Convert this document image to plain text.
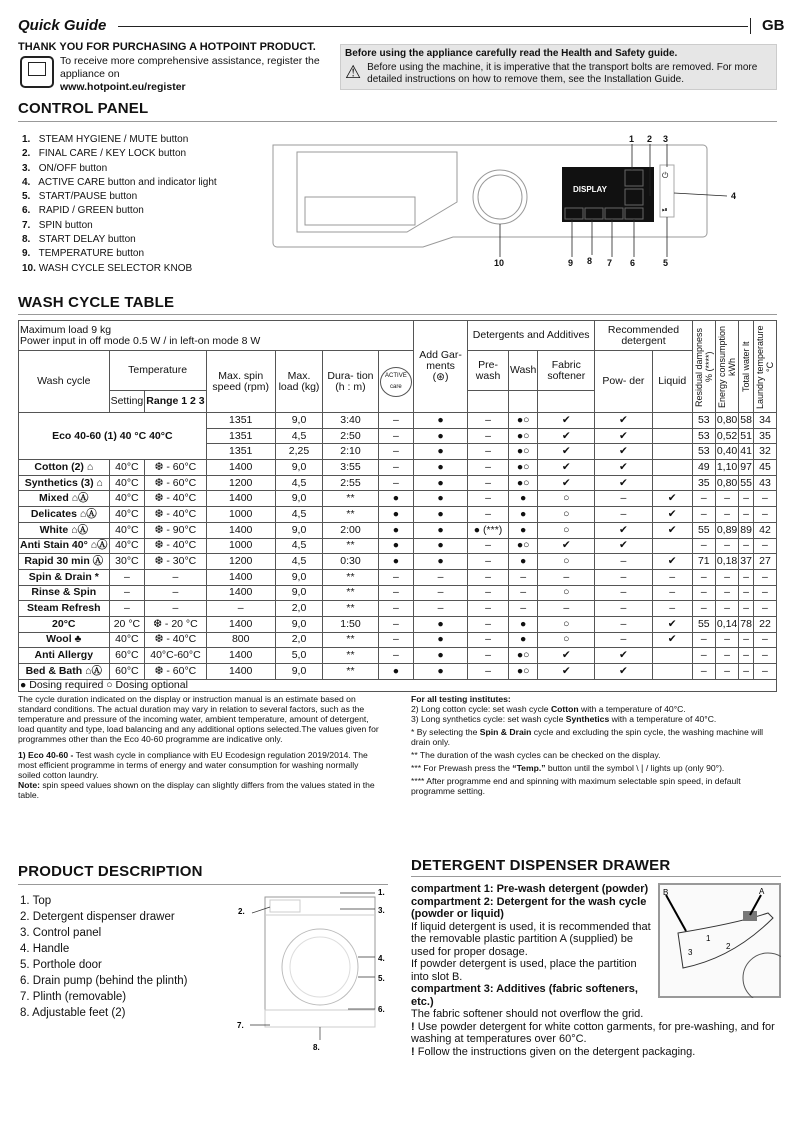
Quick Guide	GB
THANK YOU FOR PURCHASING A HOTPOINT PRODUCT.
To receive more comprehensive assistance, register the appliance on
www.hotpoint.eu/register
Before using the appliance carefully read the Health and Safety guide.
⚠ Before using the machine, it is imperative that the transport bolts are removed. For more detailed instructions on how to remove them, see the Installation Guide.
CONTROL PANEL
1. STEAM HYGIENE / MUTE button
2. FINAL CARE / KEY LOCK button
3. ON/OFF button
4. ACTIVE CARE button and indicator light
5. START/PAUSE button
6. RAPID / GREEN button
7. SPIN button
8. START DELAY button
9. TEMPERATURE button
10. WASH CYCLE SELECTOR KNOB
DISPLAY
⏻
⏯
1 2 3
4
5
6
7
8
9
10
WASH CYCLE TABLE
Maximum load 9 kg
Power input in off mode 0.5 W / in left-on mode 8 W							Add Gar- ments
(⊛)	Detergents and Additives			Recommended detergent		Residual dampness % (****)	Energy consumption kWh	Total water lt	Laundry temperature °C

Wash cycle	Temperature		Max. spin speed (rpm)	Max. load (kg)	Dura- tion (h : m)	ACTIVE care		Pre- wash	Wash	Fabric softener	Pow- der	Liquid				
	Setting	Range 1 2 3														
Eco 40-60 (1) 40 °C 40°C			1351	9,0	3:40	–	●	–	●○	✔	✔		53	0,80	58	34
			1351	4,5	2:50	–	●	–	●○	✔	✔		53	0,52	51	35
			1351	2,25	2:10	–	●	–	●○	✔	✔		53	0,40	41	32
Cotton (2) ⌂	40°C	❆ - 60°C	1400	9,0	3:55	–	●	–	●○	✔	✔		49	1,10	97	45
Synthetics (3) ⌂	40°C	❆ - 60°C	1200	4,5	2:55	–	●	–	●○	✔	✔		35	0,80	55	43
Mixed ⌂Ⓐ	40°C	❆ - 40°C	1400	9,0	**	●	●	–	●	○	–	✔	–	–	–	–
Delicates ⌂Ⓐ	40°C	❆ - 40°C	1000	4,5	**	●	●	–	●	○	–	✔	–	–	–	–
White ⌂Ⓐ	40°C	❆ - 90°C	1400	9,0	2:00	●	●	● (***)	●	○	✔	✔	55	0,89	89	42
Anti Stain 40° ⌂Ⓐ	40°C	❆ - 40°C	1000	4,5	**	●	●	–	●○	✔	✔		–	–	–	–
Rapid 30 min Ⓐ	30°C	❆ - 30°C	1200	4,5	0:30	●	●	–	●	○	–	✔	71	0,18	37	27
Spin & Drain *	–	–	1400	9,0	**	–	–	–	–	–	–	–	–	–	–	–
Rinse & Spin	–	–	1400	9,0	**	–	–	–	–	○	–	–	–	–	–	–
Steam Refresh	–	–	–	2,0	**	–	–	–	–	–	–	–	–	–	–	–
20°C	20 °C	❆ - 20 °C	1400	9,0	1:50	–	●	–	●	○	–	✔	55	0,14	78	22
Wool ♣	40°C	❆ - 40°C	800	2,0	**	–	●	–	●	○	–	✔	–	–	–	–
Anti Allergy	60°C	40°C-60°C	1400	5,0	**	–	●	–	●○	✔	✔		–	–	–	–
Bed & Bath ⌂Ⓐ	60°C	❆ - 60°C	1400	9,0	**	●	●	–	●○	✔	✔		–	–	–	–
● Dosing required ○ Dosing optional																

The cycle duration indicated on the display or instruction manual is an estimate based on standard conditions. The actual duration may vary in relation to several factors, such as the temperature and pressure of the incoming water, ambient temperature, amount of detergent, load quantity and type, load balancing and any additional options selected.The values given for programmes other than the Eco 40-60 programme are indicative only.

1) Eco 40-60 - Test wash cycle in compliance with EU Ecodesign regulation 2019/2014. The most efficient programme in terms of energy and water consumption for washing normally soiled cotton laundry.
Note: spin speed values shown on the display can slightly differs from the values stated in the table.

For all testing institutes:
2) Long cotton cycle: set wash cycle Cotton with a temperature of 40°C.
3) Long synthetics cycle: set wash cycle Synthetics with a temperature of 40°C.

* By selecting the Spin & Drain cycle and excluding the spin cycle, the washing machine will drain only.

** The duration of the wash cycles can be checked on the display.

*** For Prewash press the “Temp.” button until the symbol \❘/ lights up (only 90°).

**** After programme end and spinning with maximum selectable spin speed, in default programme setting.

PRODUCT DESCRIPTION
1. Top
2. Detergent dispenser drawer
3. Control panel
4. Handle
5. Porthole door
6. Drain pump (behind the plinth)
7. Plinth (removable)
8. Adjustable feet (2)
1.
2.	3.
4.
5.
6.
7.
8.
DETERGENT DISPENSER DRAWER
B	A
1
2
3
compartment 1: Pre-wash detergent (powder)
compartment 2: Detergent for the wash cycle (powder or liquid)
If liquid detergent is used, it is recommended that the removable plastic partition A (supplied) be used for proper dosage.
If powder detergent is used, place the partition into slot B.
compartment 3: Additives (fabric softeners, etc.)
The fabric softener should not overflow the grid.
! Use powder detergent for white cotton garments, for pre-washing, and for washing at temperatures over 60°C.
! Follow the instructions given on the detergent packaging.
